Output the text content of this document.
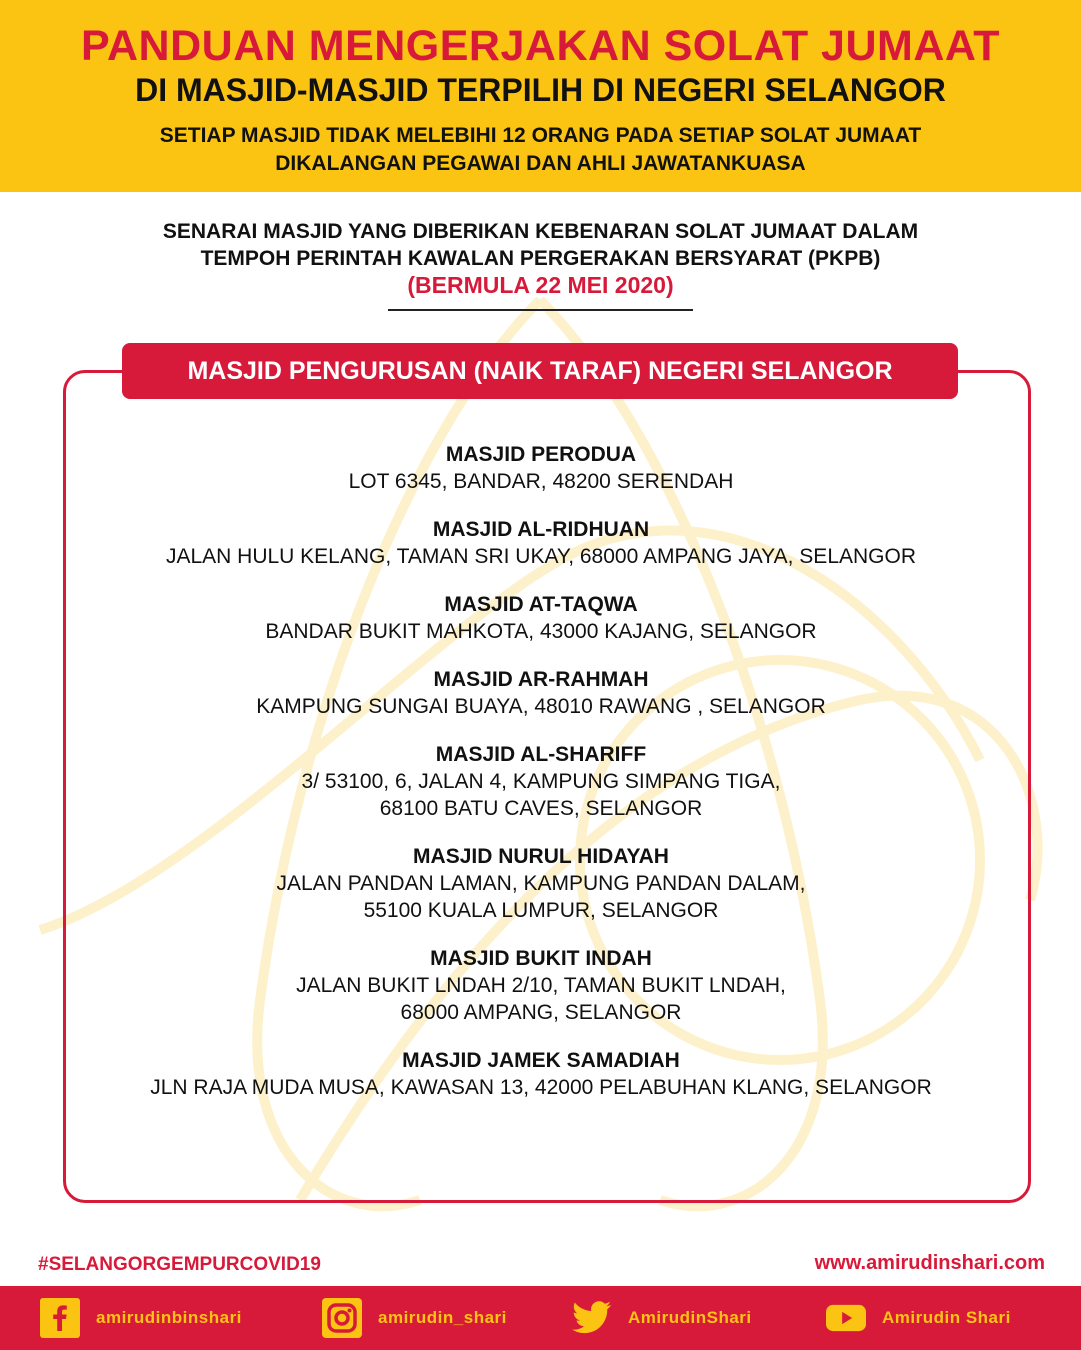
PANDUAN MENGERJAKAN SOLAT JUMAAT
DI MASJID-MASJID TERPILIH DI NEGERI SELANGOR
SETIAP MASJID TIDAK MELEBIHI 12 ORANG PADA SETIAP SOLAT JUMAAT
DIKALANGAN PEGAWAI DAN AHLI JAWATANKUASA
SENARAI MASJID YANG DIBERIKAN KEBENARAN SOLAT JUMAAT DALAM
TEMPOH PERINTAH KAWALAN PERGERAKAN BERSYARAT (PKPB)
(BERMULA 22 MEI 2020)
MASJID PENGURUSAN (NAIK TARAF) NEGERI SELANGOR
MASJID PERODUA
LOT 6345, BANDAR, 48200 SERENDAH
MASJID AL-RIDHUAN
JALAN HULU KELANG, TAMAN SRI UKAY, 68000 AMPANG JAYA, SELANGOR
MASJID AT-TAQWA
BANDAR BUKIT MAHKOTA, 43000 KAJANG, SELANGOR
MASJID AR-RAHMAH
KAMPUNG SUNGAI BUAYA, 48010 RAWANG , SELANGOR
MASJID AL-SHARIFF
3/ 53100, 6, JALAN 4, KAMPUNG SIMPANG TIGA,
68100 BATU CAVES, SELANGOR
MASJID NURUL HIDAYAH
JALAN PANDAN LAMAN, KAMPUNG PANDAN DALAM,
55100 KUALA LUMPUR, SELANGOR
MASJID BUKIT INDAH
JALAN BUKIT LNDAH 2/10, TAMAN BUKIT LNDAH,
68000 AMPANG, SELANGOR
MASJID JAMEK SAMADIAH
JLN RAJA MUDA MUSA, KAWASAN 13, 42000 PELABUHAN KLANG, SELANGOR
#SELANGORGEMPURCOVID19	www.amirudinshari.com
amirudinbinshari	amirudin_shari	AmirudinShari	Amirudin Shari
